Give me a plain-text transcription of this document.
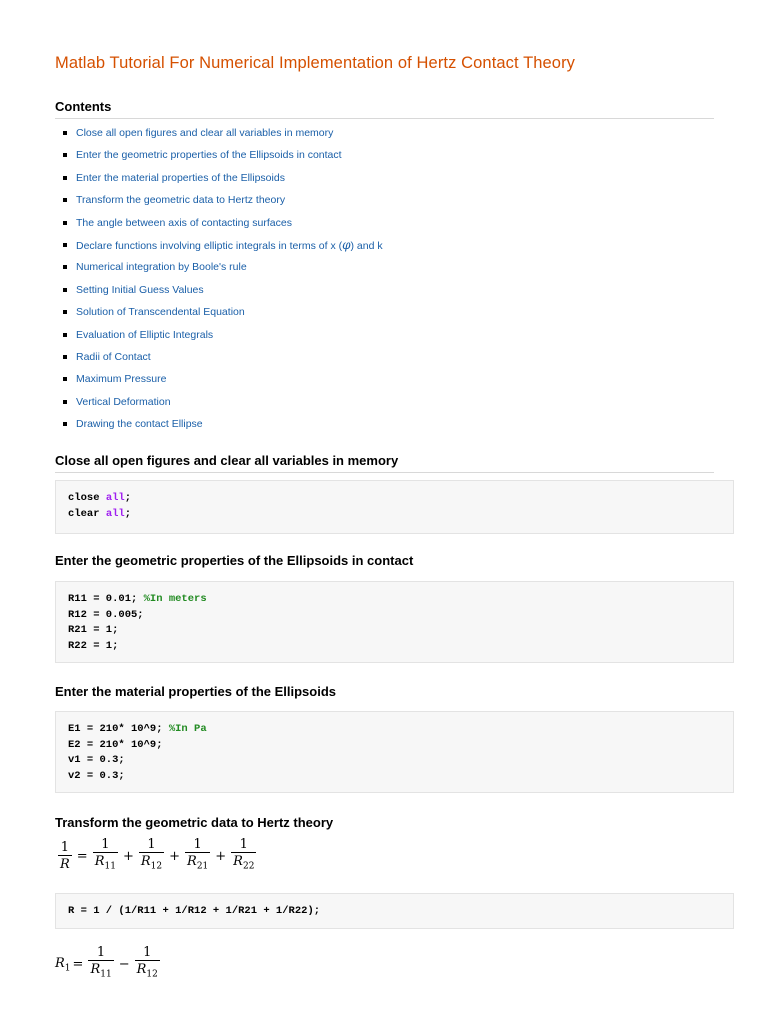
Matlab Tutorial For Numerical Implementation of Hertz Contact Theory
Contents
Close all open figures and clear all variables in memory
Enter the geometric properties of the Ellipsoids in contact
Enter the material properties of the Ellipsoids
Transform the geometric data to Hertz theory
The angle between axis of contacting surfaces
Declare functions involving elliptic integrals in terms of x (φ) and k
Numerical integration by Boole's rule
Setting Initial Guess Values
Solution of Transcendental Equation
Evaluation of Elliptic Integrals
Radii of Contact
Maximum Pressure
Vertical Deformation
Drawing the contact Ellipse
Close all open figures and clear all variables in memory
close all;
clear all;
Enter the geometric properties of the Ellipsoids in contact
R11 = 0.01; %In meters
R12 = 0.005;
R21 = 1;
R22 = 1;
Enter the material properties of the Ellipsoids
E1 = 210* 10^9; %In Pa
E2 = 210* 10^9;
v1 = 0.3;
v2 = 0.3;
Transform the geometric data to Hertz theory
$\frac{1}{R} = \frac{1}{R_{11}} + \frac{1}{R_{12}} + \frac{1}{R_{21}} + \frac{1}{R_{22}}$
R = 1 / (1/R11 + 1/R12 + 1/R21 + 1/R22);
$R_1 = \frac{1}{R_{11}} - \frac{1}{R_{12}}$
